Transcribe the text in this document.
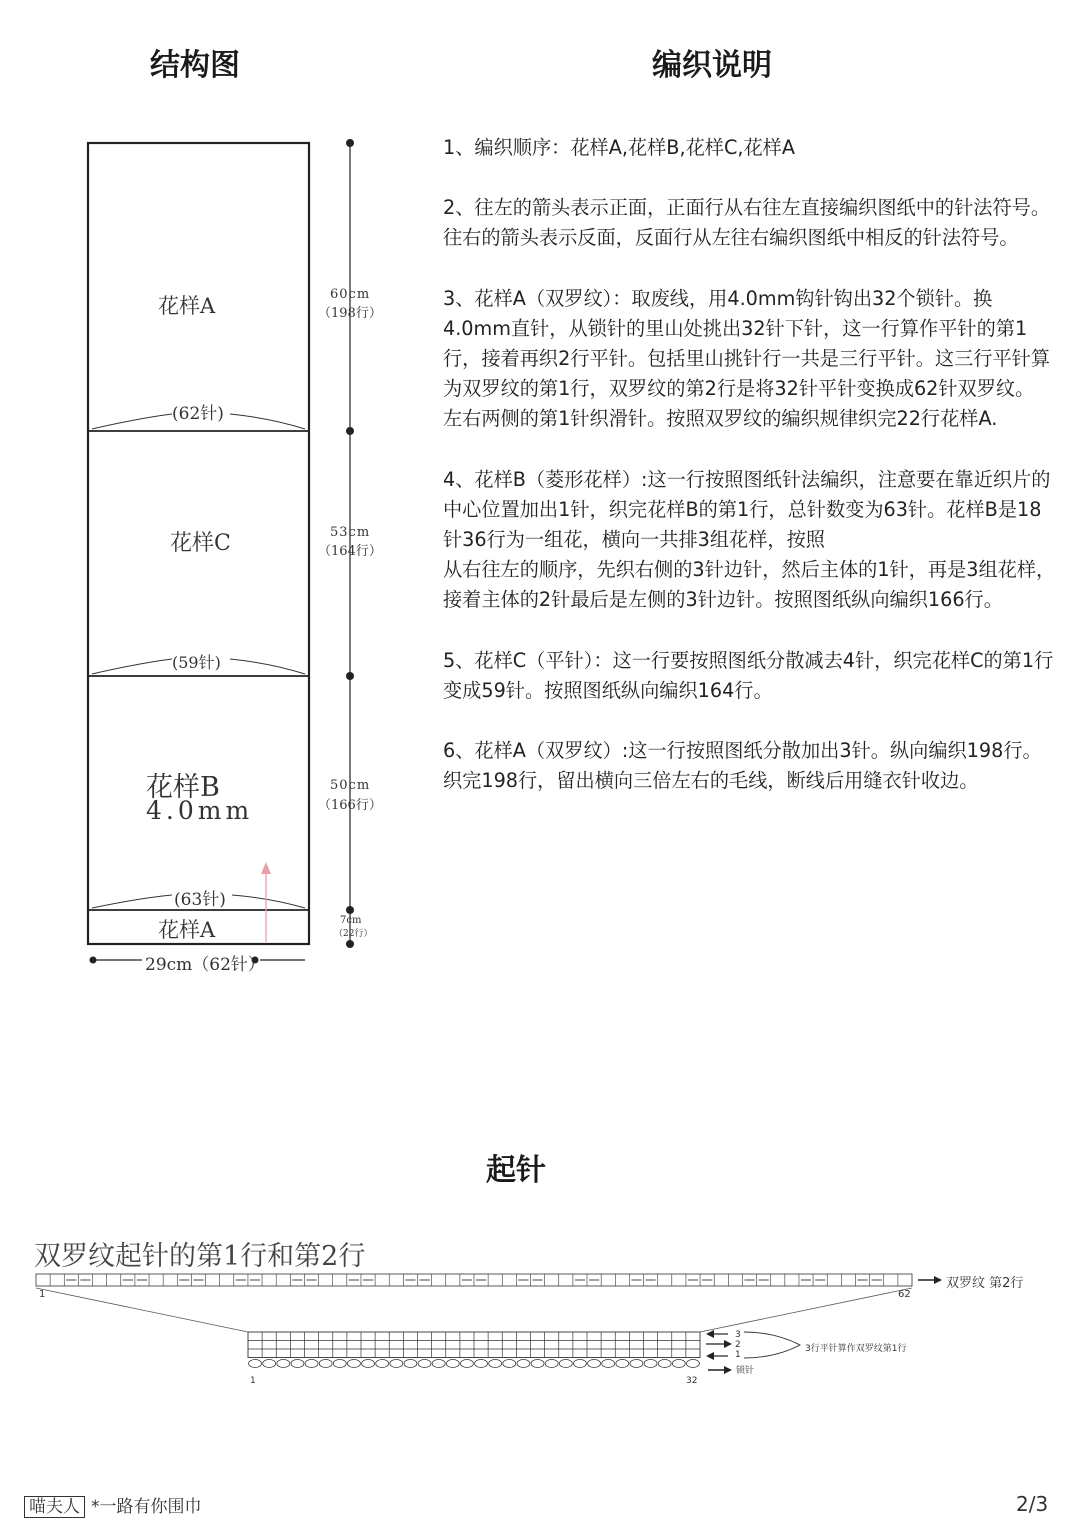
结构图	编织说明
起针
花样A
花样C
花样B
4.0mm
花样A
(62针)
(59针)
(63针)
60cm
（198行）
53cm
（164行）
50cm
（166行）
7cm
（22行）
29cm（62针）

1、编织顺序：花样A,花样B,花样C,花样A

2、往左的箭头表示正面，正面行从右往左直接编织图纸中的针法符号。

往右的箭头表示反面，反面行从左往右编织图纸中相反的针法符号。

3、花样A（双罗纹）：取废线，用4.0mm钩针钩出32个锁针。换4.0mm直针，从锁针的里山处挑出32针下针，这一行算作平针的第1行，接着再织2行平针。包括里山挑针行一共是三行平针。这三行平针算为双罗纹的第1行，双罗纹的第2行是将32针平针变换成62针双罗纹。

左右两侧的第1针织滑针。按照双罗纹的编织规律织完22行花样A.

4、花样B（菱形花样）:这一行按照图纸针法编织，注意要在靠近织片的中心位置加出1针，织完花样B的第1行，总针数变为63针。花样B是18针36行为一组花，横向一共排3组花样，按照

从右往左的顺序，先织右侧的3针边针，然后主体的1针，再是3组花样，接着主体的2针最后是左侧的3针边针。按照图纸纵向编织166行。

5、花样C（平针）：这一行要按照图纸分散减去4针，织完花样C的第1行变成59针。按照图纸纵向编织164行。

6、花样A（双罗纹）:这一行按照图纸分散加出3针。纵向编织198行。织完198行，留出横向三倍左右的毛线，断线后用缝衣针收边。

双罗纹起针的第1行和第2行
双罗纹 第2行
1	62
3
2
1
3行平针算作双罗纹第1行
锁针
1	32
喵夫人 *一路有你围巾	2/3
